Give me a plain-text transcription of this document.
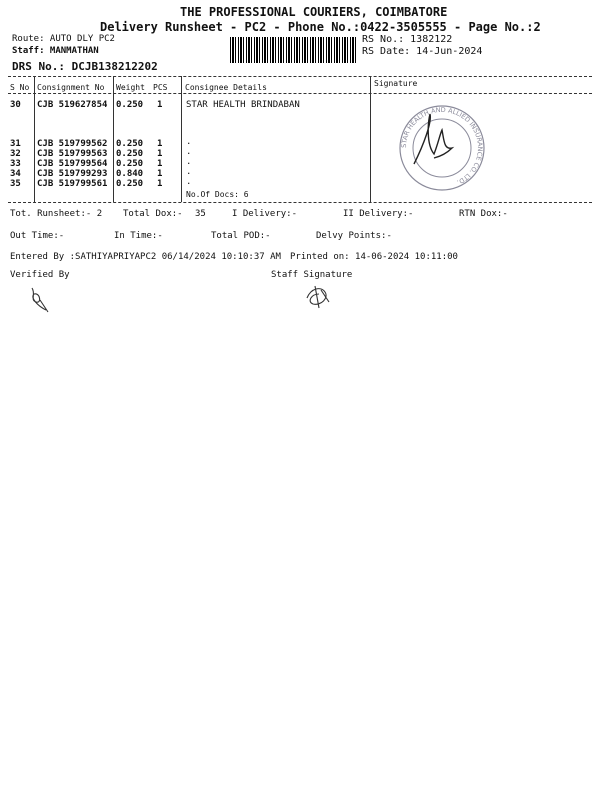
THE PROFESSIONAL COURIERS, COIMBATORE
Delivery Runsheet - PC2 - Phone No.:0422-3505555 - Page No.:2
Route: AUTO DLY PC2
Staff: MANMATHAN
DRS No.: DCJB138212202
RS No.: 1382122
RS Date: 14-Jun-2024
S No Consignment No Weight PCS Consignee Details	Signature
30 CJB 519627854 0.250 1	STAR HEALTH BRINDABAN
31 CJB 519799562 0.250 1	.
32 CJB 519799563 0.250 1	.
33 CJB 519799564 0.250 1	.
34 CJB 519799293 0.840 1	.
35 CJB 519799561 0.250 1	.
No.Of Docs: 6
STAR HEALTH AND ALLIED INSURANCE CO. LTD.
Tot. Runsheet:- 2 Total Dox:- 35	I Delivery:-	II Delivery:-	RTN Dox:-
Out Time:-	In Time:-	Total POD:-	Delvy Points:-
Entered By :SATHIYAPRIYAPC2 06/14/2024 10:10:37 AM Printed on: 14-06-2024 10:11:00
Verified By	Staff Signature
